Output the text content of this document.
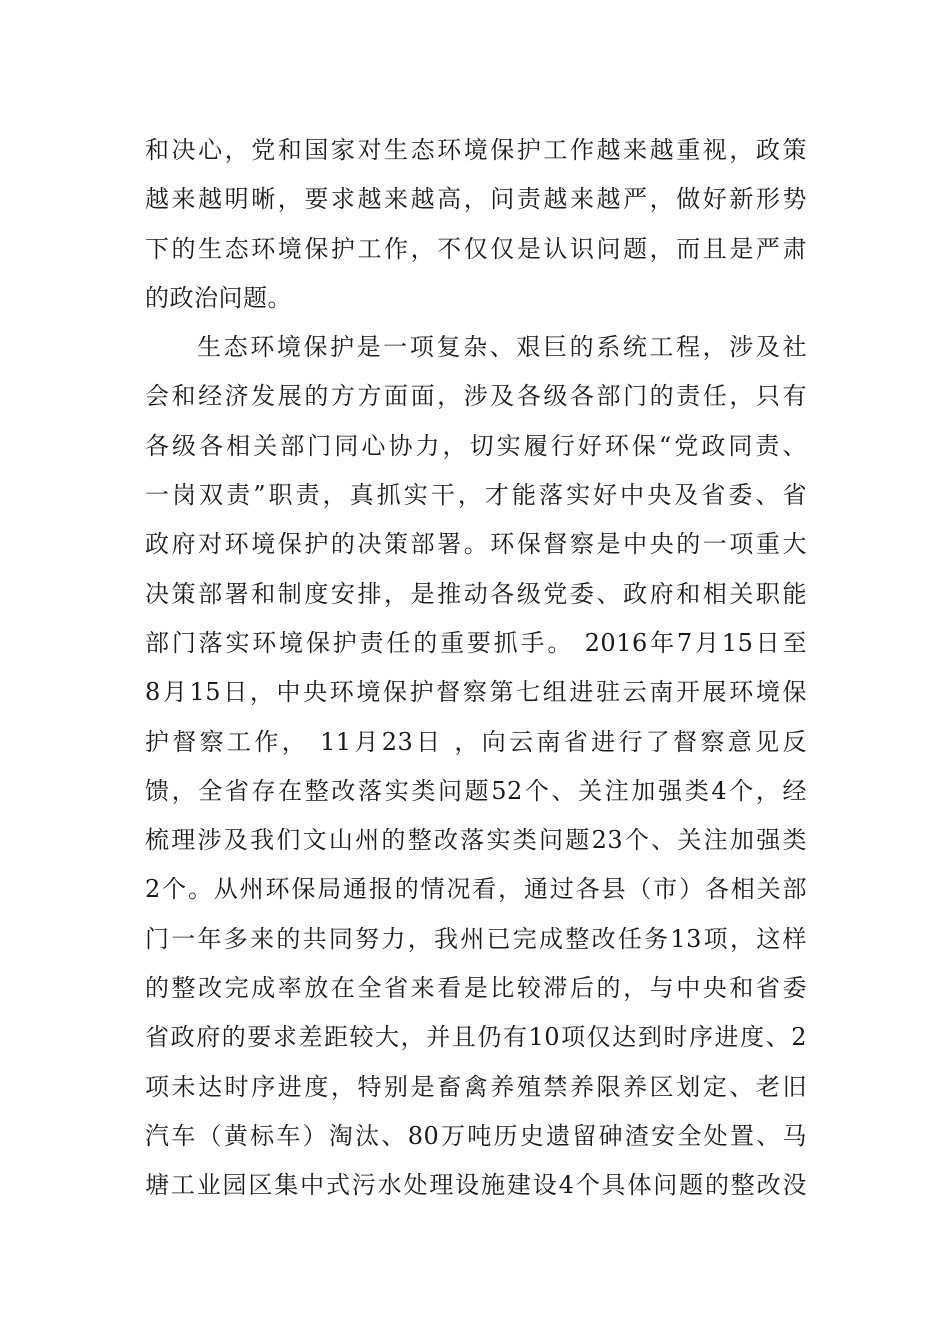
和决心，党和国家对生态环境保护工作越来越重视，政策
越来越明晰，要求越来越高，问责越来越严，做好新形势
下的生态环境保护工作，不仅仅是认识问题，而且是严肃
的政治问题。
生态环境保护是一项复杂、艰巨的系统工程，涉及社
会和经济发展的方方面面，涉及各级各部门的责任，只有
各级各相关部门同心协力，切实履行好环保“党政同责、
一岗双责”职责，真抓实干，才能落实好中央及省委、省
政府对环境保护的决策部署。环保督察是中央的一项重大
决策部署和制度安排，是推动各级党委、政府和相关职能
部门落实环境保护责任的重要抓手。 2016年7月15日至
8月15日，中央环境保护督察第七组进驻云南开展环境保
护督察工作， 11月23日 ，向云南省进行了督察意见反
馈，全省存在整改落实类问题52个、关注加强类4个，经
梳理涉及我们文山州的整改落实类问题23个、关注加强类
2个。从州环保局通报的情况看，通过各县（市）各相关部
门一年多来的共同努力，我州已完成整改任务13项，这样
的整改完成率放在全省来看是比较滞后的，与中央和省委
省政府的要求差距较大，并且仍有10项仅达到时序进度、2
项未达时序进度，特别是畜禽养殖禁养限养区划定、老旧
汽车（黄标车）淘汰、80万吨历史遗留砷渣安全处置、马
塘工业园区集中式污水处理设施建设4个具体问题的整改没
